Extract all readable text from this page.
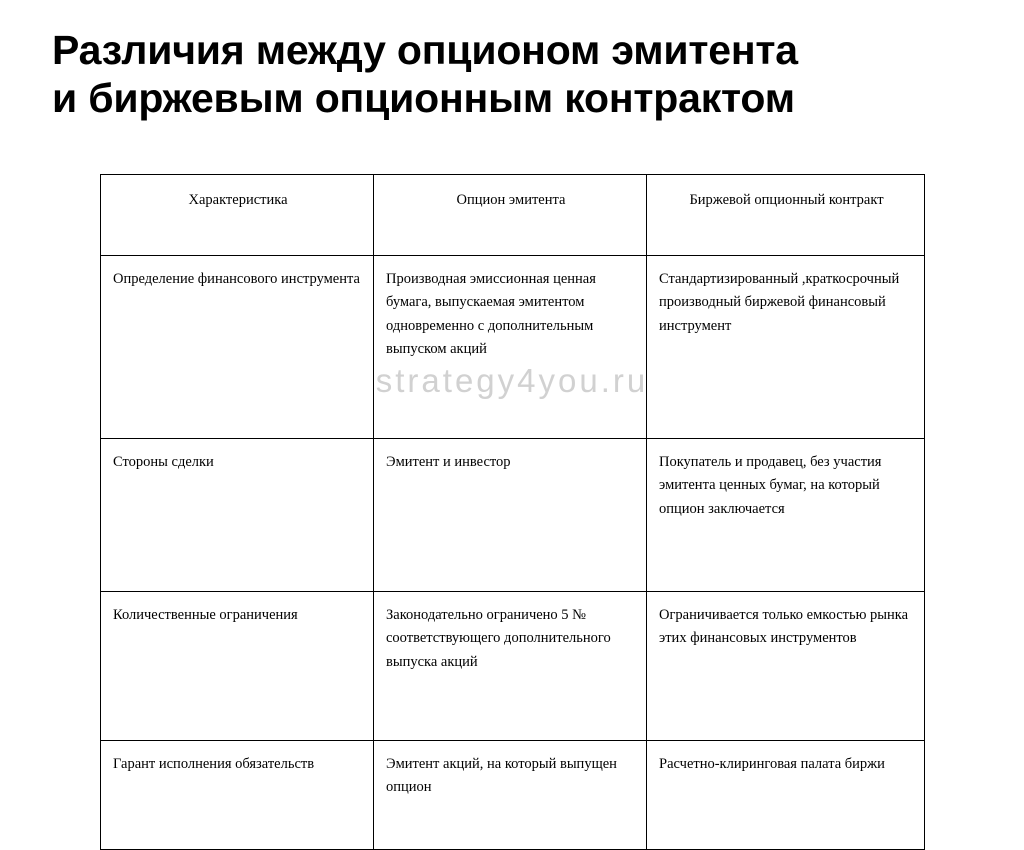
Различия между опционом эмитента
и биржевым опционным контрактом
Характеристика	Опцион эмитента	Биржевой опционный контракт
Определение финансового инструмента	Производная эмиссионная ценная бумага, выпускаемая эмитентом одновременно с дополнительным выпуском акций	Стандартизированный ,краткосрочный производный биржевой финансовый инструмент
Стороны сделки	Эмитент и инвестор	Покупатель и продавец, без участия эмитента ценных бумаг, на который опцион заключается
Количественные ограничения	Законодательно ограничено 5 № соответствующего дополнительного выпуска акций	Ограничивается только емкостью рынка этих финансовых инструментов
Гарант исполнения обязательств	Эмитент акций, на который выпущен опцион	Расчетно-клиринговая палата биржи
strategy4you.ru
